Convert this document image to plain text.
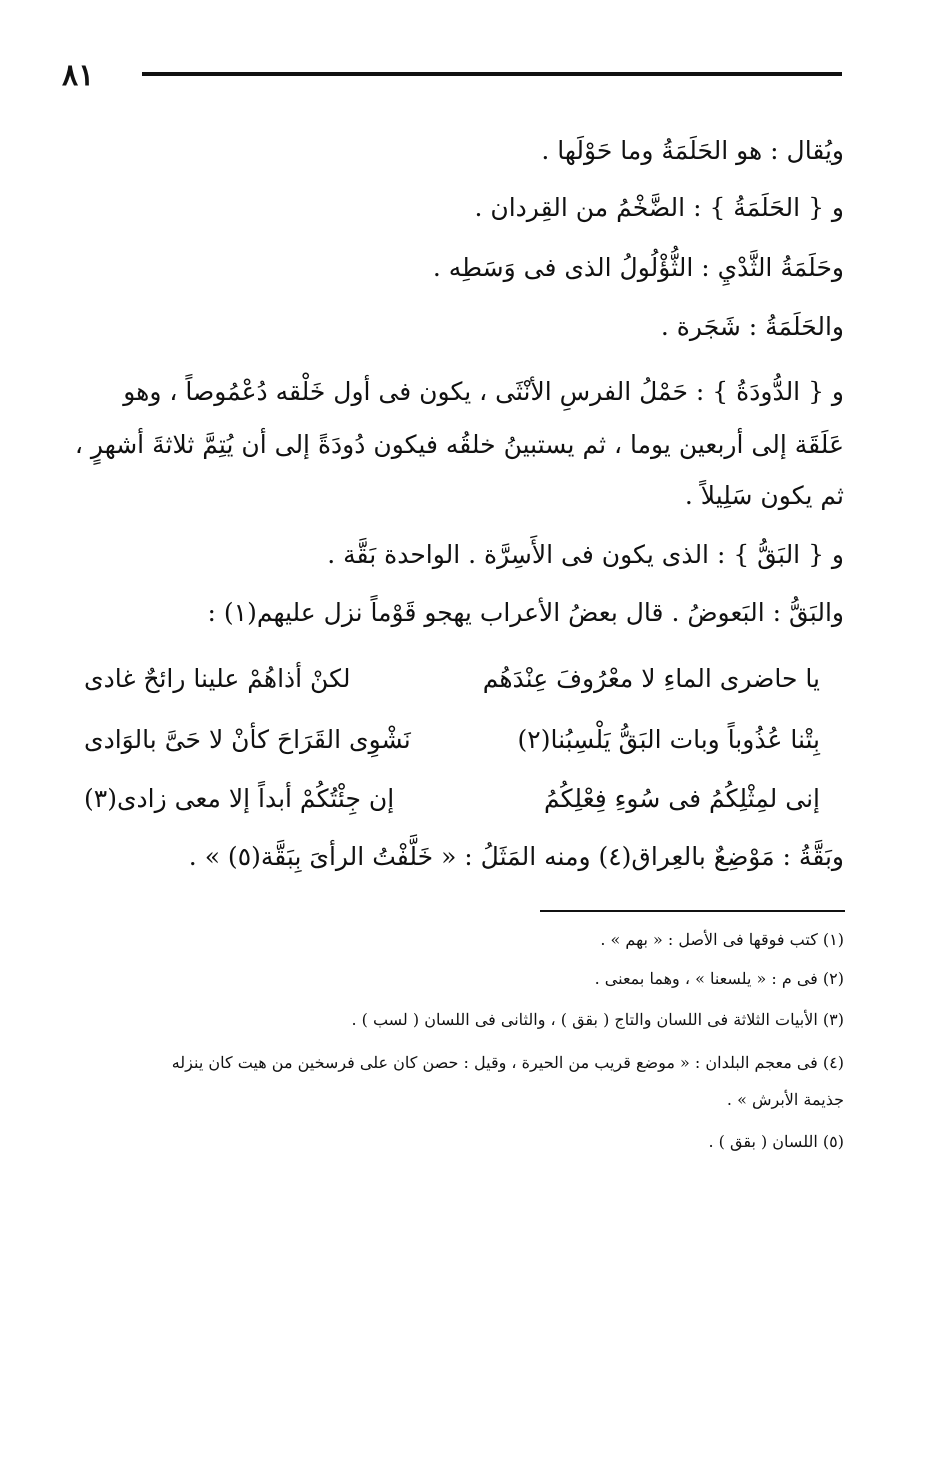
٨١
ويُقال : هو الحَلَمَةُ وما حَوْلَها .
و { الحَلَمَةُ } : الضَّخْمُ من القِردان .
وحَلَمَةُ الثَّدْيِ : الثُّؤْلُولُ الذى فى وَسَطِه .
والحَلَمَةُ : شَجَرة .
و { الدُّودَةُ } : حَمْلُ الفرسِ الأنْثَى ، يكون فى أول خَلْقه دُعْمُوصاً ، وهو
عَلَقَة إلى أربعين يوما ، ثم يستبينُ خلقُه فيكون دُودَةً إلى أن يُتِمَّ ثلاثةَ أشهرٍ ،
ثم يكون سَلِيلاً .
و { البَقُّ } : الذى يكون فى الأَسِرَّة . الواحدة بَقَّة .
والبَقُّ : البَعوضُ . قال بعضُ الأعراب يهجو قَوْماً نزل عليهم(١) :
يا حاضرى الماءِ لا معْرُوفَ عِنْدَهُم
لكنْ أذاهُمْ علينا رائحٌ غادى
بِتْنا عُذُوباً وبات البَقُّ يَلْسِبُنا(٢)
نَشْوِى القَرَاحَ كأنْ لا حَىَّ بالوَادى
إنى لمِثْلِكُمُ فى سُوءِ فِعْلِكُمُ
إن جِئْتُكُمْ أبداً إلا معى زادى(٣)
وبَقَّةُ : مَوْضِعٌ بالعِراق(٤) ومنه المَثَلُ : « خَلَّفْتُ الرأىَ بِبَقَّة(٥) » .
(١) كتب فوقها فى الأصل : « بهم » .
(٢) فى م : « يلسعنا » ، وهما بمعنى .
(٣) الأبيات الثلاثة فى اللسان والتاج ( بقق ) ، والثانى فى اللسان ( لسب ) .
(٤) فى معجم البلدان : « موضع قريب من الحيرة ، وقيل : حصن كان على فرسخين من هيت كان ينزله
جذيمة الأبرش » .
(٥) اللسان ( بقق ) .
